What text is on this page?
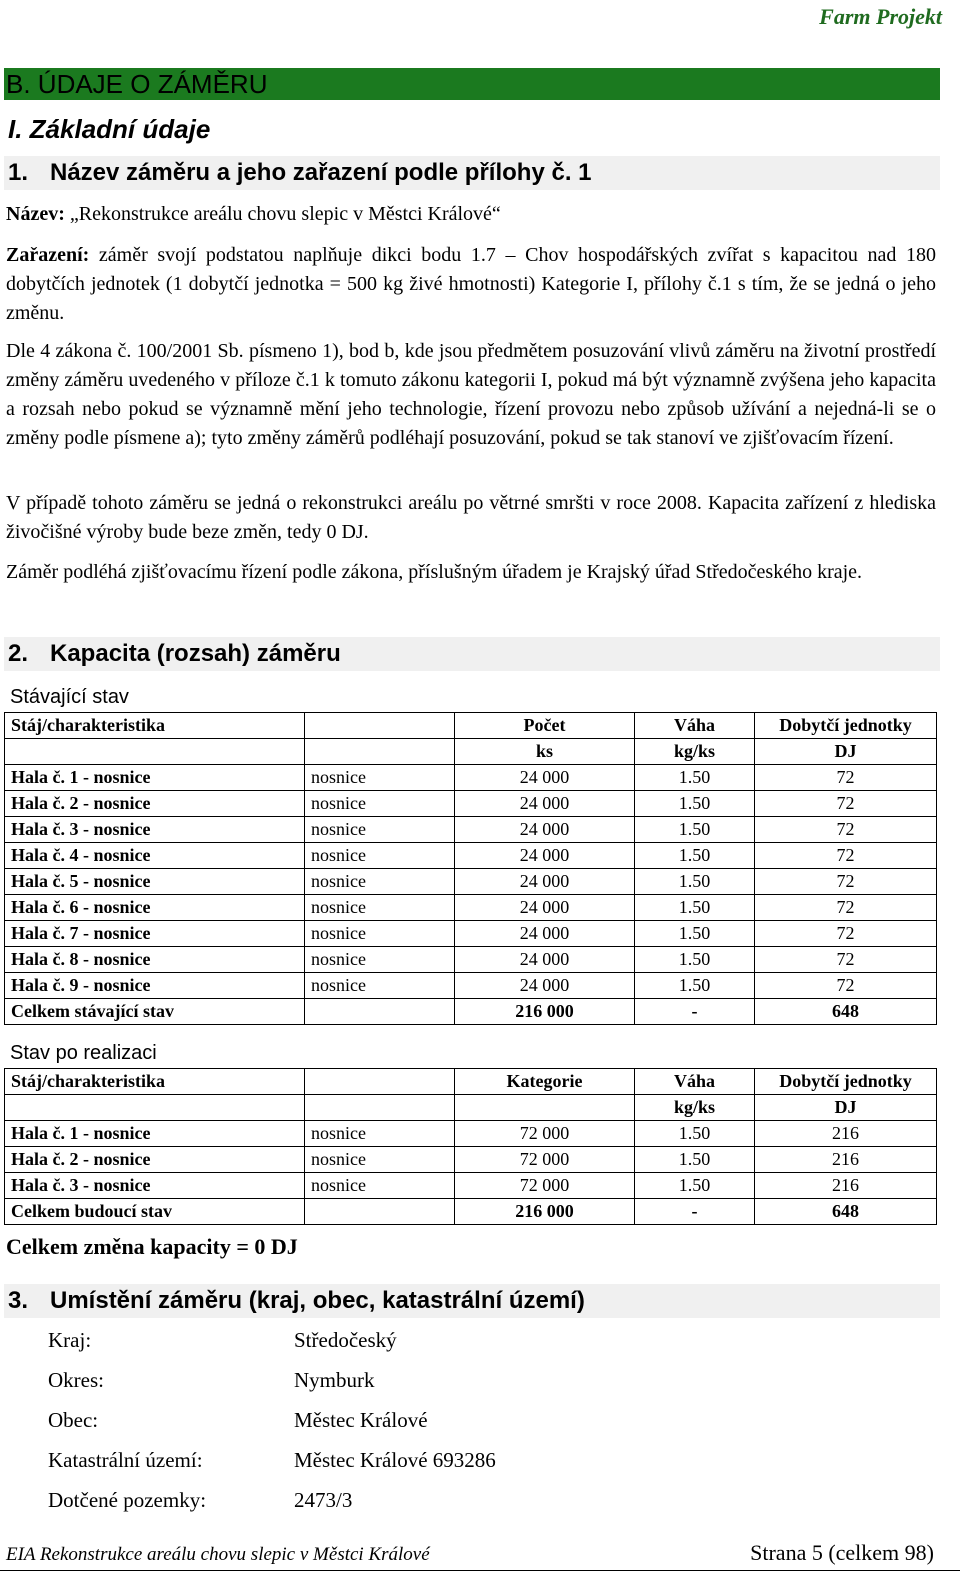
Farm Projekt
B. ÚDAJE O ZÁMĚRU
I. Základní údaje
1. Název záměru a jeho zařazení podle přílohy č. 1
Název: „Rekonstrukce areálu chovu slepic v Městci Králové“
Zařazení: záměr svojí podstatou naplňuje dikci bodu 1.7 – Chov hospodářských zvířat s kapacitou nad 180 dobytčích jednotek (1 dobytčí jednotka = 500 kg živé hmotnosti) Kategorie I, přílohy č.1 s tím, že se jedná o jeho změnu.
Dle 4 zákona č. 100/2001 Sb. písmeno 1), bod b, kde jsou předmětem posuzování vlivů záměru na životní prostředí změny záměru uvedeného v příloze č.1 k tomuto zákonu kategorii I, pokud má být významně zvýšena jeho kapacita a rozsah nebo pokud se významně mění jeho technologie, řízení provozu nebo způsob užívání a nejedná-li se o změny podle písmene a); tyto změny záměrů podléhají posuzování, pokud se tak stanoví ve zjišťovacím řízení.
V případě tohoto záměru se jedná o rekonstrukci areálu po větrné smršti v roce 2008. Kapacita zařízení z hlediska živočišné výroby bude beze změn, tedy 0 DJ.
Záměr podléhá zjišťovacímu řízení podle zákona, příslušným úřadem je Krajský úřad Středočeského kraje.
2. Kapacita (rozsah) záměru
Stávající stav
Stáj/charakteristika		Počet	Váha	Dobytčí jednotky
		ks	kg/ks	DJ
Hala č. 1 - nosnice	nosnice	24 000	1.50	72
Hala č. 2 - nosnice	nosnice	24 000	1.50	72
Hala č. 3 - nosnice	nosnice	24 000	1.50	72
Hala č. 4 - nosnice	nosnice	24 000	1.50	72
Hala č. 5 - nosnice	nosnice	24 000	1.50	72
Hala č. 6 - nosnice	nosnice	24 000	1.50	72
Hala č. 7 - nosnice	nosnice	24 000	1.50	72
Hala č. 8 - nosnice	nosnice	24 000	1.50	72
Hala č. 9 - nosnice	nosnice	24 000	1.50	72
Celkem stávající stav		216 000	-	648
Stav po realizaci
Stáj/charakteristika		Kategorie	Váha	Dobytčí jednotky
			kg/ks	DJ
Hala č. 1 - nosnice	nosnice	72 000	1.50	216
Hala č. 2 - nosnice	nosnice	72 000	1.50	216
Hala č. 3 - nosnice	nosnice	72 000	1.50	216
Celkem budoucí stav		216 000	-	648
Celkem změna kapacity = 0 DJ
3. Umístění záměru (kraj, obec, katastrální území)
Kraj:	Středočeský
Okres:	Nymburk
Obec:	Městec Králové
Katastrální území:	Městec Králové 693286
Dotčené pozemky:	2473/3
EIA Rekonstrukce areálu chovu slepic v Městci Králové	Strana 5 (celkem 98)
